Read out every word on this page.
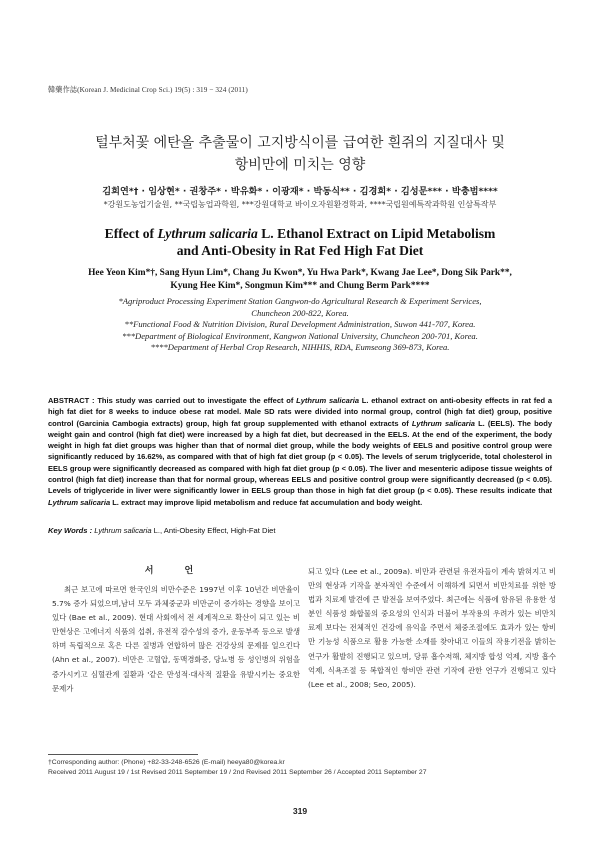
韓藥作誌(Korean J. Medicinal Crop Sci.) 19(5) : 319 − 324 (2011)
털부처꽃 에탄올 추출물이 고지방식이를 급여한 흰쥐의 지질대사 및
항비만에 미치는 영향
김희연*† · 임상현* · 권창주* · 박유화* · 이광재* · 박동식** · 김경희* · 김성문*** · 박충범****
*강원도농업기술원, **국립농업과학원, ***강원대학교 바이오자원환경학과, ****국립원예특작과학원 인삼특작부
Effect of Lythrum salicaria L. Ethanol Extract on Lipid Metabolism
and Anti-Obesity in Rat Fed High Fat Diet
Hee Yeon Kim*†, Sang Hyun Lim*, Chang Ju Kwon*, Yu Hwa Park*, Kwang Jae Lee*, Dong Sik Park**,
Kyung Hee Kim*, Songmun Kim*** and Chung Berm Park****
*Agriproduct Processing Experiment Station Gangwon-do Agricultural Research & Experiment Services,
Chuncheon 200-822, Korea.
**Functional Food & Nutrition Division, Rural Development Administration, Suwon 441-707, Korea.
***Department of Biological Environment, Kangwon National University, Chuncheon 200-701, Korea.
****Department of Herbal Crop Research, NIHHIS, RDA, Eumseong 369-873, Korea.
ABSTRACT : This study was carried out to investigate the effect of Lythrum salicaria L. ethanol extract on anti-obesity effects in rat fed a high fat diet for 8 weeks to induce obese rat model. Male SD rats were divided into normal group, control (high fat diet) group, positive control (Garcinia Cambogia extracts) group, high fat group supplemented with ethanol extracts of Lythrum salicaria L. (EELS). The body weight gain and control (high fat diet) were increased by a high fat diet, but decreased in the EELS. At the end of the experiment, the body weight in high fat diet groups was higher than that of normal diet group, while the body weights of EELS and positive control group were significantly reduced by 16.62%, as compared with that of high fat diet group (p < 0.05). The levels of serum triglyceride, total cholesterol in EELS group were significantly decreased as compared with high fat diet group (p < 0.05). The liver and mesenteric adipose tissue weights of control (high fat diet) increase than that for normal group, whereas EELS and positive control group were significantly decreased (p < 0.05). Levels of triglyceride in liver were significantly lower in EELS group than those in high fat diet group (p < 0.05). These results indicate that Lythrum salicaria L. extract may improve lipid metabolism and reduce fat accumulation and body weight.
Key Words : Lythrum salicaria L., Anti-Obesity Effect, High-Fat Diet
서 언

최근 보고에 따르면 한국인의 비만수준은 1997년 이후 10년간 비만율이 5.7% 증가 되었으며,남녀 모두 과체중군과 비만군이 증가하는 경향을 보이고 있다 (Bae et al., 2009). 현대 사회에서 전 세계적으로 확산이 되고 있는 비만현상은 고에너지 식품의 섭취, 유전적 감수성의 증가, 운동부족 등으로 발생하며 독립적으로 혹은 다른 질병과 연합하여 많은 건강상의 문제를 일으킨다 (Ahn et al., 2007). 비만은 고혈압, 동맥경화증, 당뇨병 등 성인병의 위험을 증가시키고 심혈관계 질환과 '같은 만성적·대사적 질환을 유발시키는 중요한 문제가

되고 있다 (Lee et al., 2009a). 비만과 관련된 유전자들이 계속 밝혀지고 비만의 현상과 기작을 분자적인 수준에서 이해하게 되면서 비만치료를 위한 방법과 치료제 발견에 큰 발전을 보여주었다. 최근에는 식품에 함유된 유용한 성분인 식품성 화합물의 중요성의 인식과 더불어 부작용의 우려가 있는 비만치료제 보다는 전체적인 건강에 유익을 주면서 체중조절에도 효과가 있는 항비만 기능성 식품으로 활용 가능한 소재를 찾아내고 이들의 작용기전을 밝히는 연구가 활발히 진행되고 있으며, 당류 흡수저해, 체지방 합성 억제, 지방 흡수 억제, 식욕조절 등 복합적인 항비만 관련 기작에 관한 연구가 진행되고 있다 (Lee et al., 2008; Seo, 2005).

†Corresponding author: (Phone) +82-33-248-6526 (E-mail) heeya80@korea.kr
Received 2011 August 19 / 1st Revised 2011 September 19 / 2nd Revised 2011 September 26 / Accepted 2011 September 27
319
